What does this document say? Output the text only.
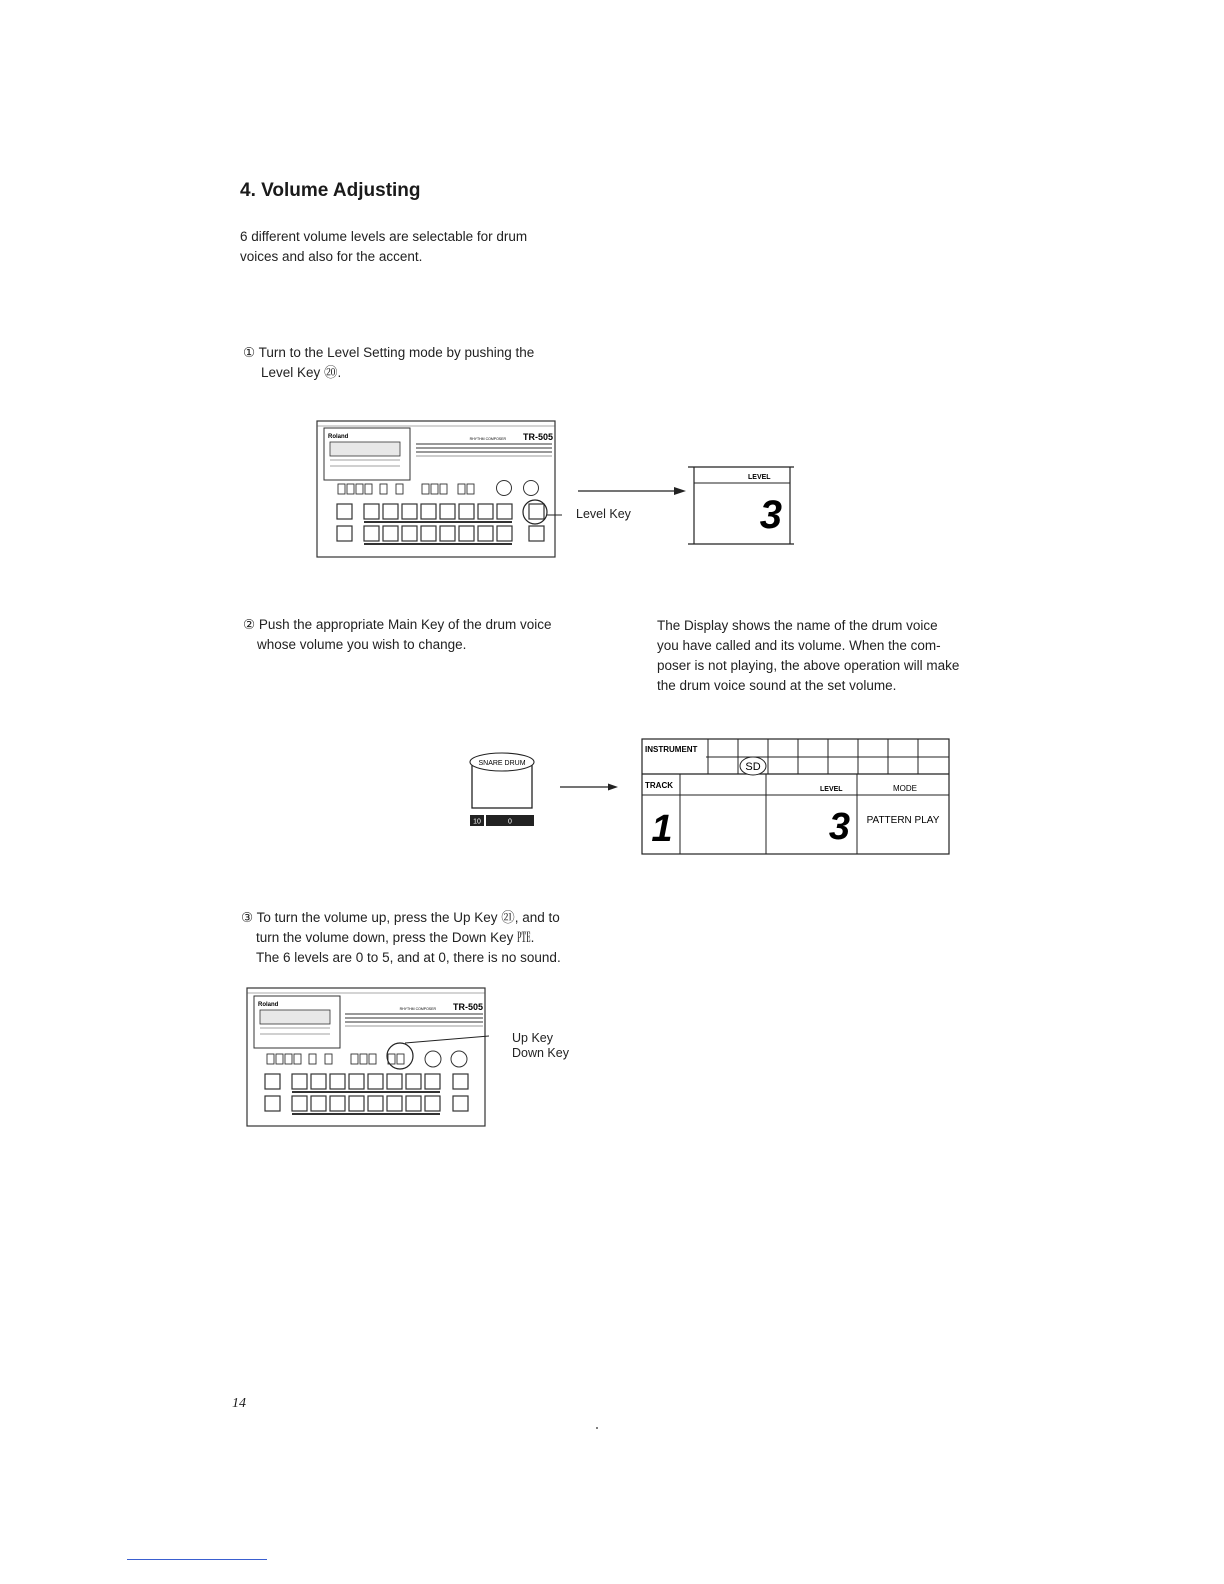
4. Volume Adjusting

6 different volume levels are selectable for drum

voices and also for the accent.

① Turn to the Level Setting mode by pushing the
Level Key ⑳.
Roland	TR-505
RHYTHM COMPOSER
Level Key
LEVEL
3
② Push the appropriate Main Key of the drum voice
whose volume you wish to change.
The Display shows the name of the drum voice
you have called and its volume. When the com-
poser is not playing, the above operation will make
the drum voice sound at the set volume.
SNARE DRUM
10	0
INSTRUMENT
SD
TRACK	LEVEL	MODE
1	3 PATTERN PLAY
③ To turn the volume up, press the Up Key ㉑, and to
turn the volume down, press the Down Key ㉐.
The 6 levels are 0 to 5, and at 0, there is no sound.
Roland	TR-505
RHYTHM COMPOSER
Up Key
Down Key
14
